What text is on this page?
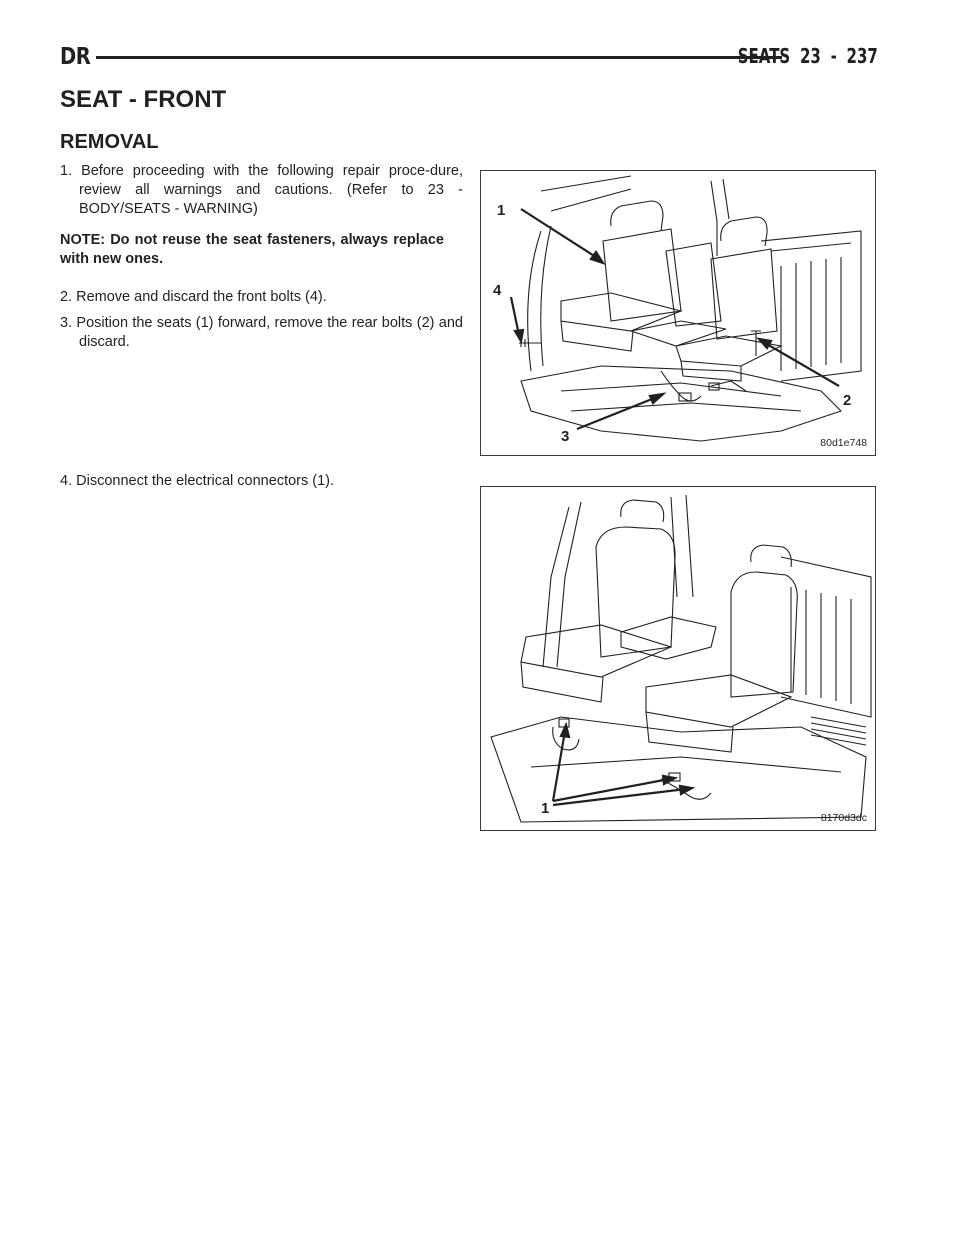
DR	SEATS 23 - 237
SEAT - FRONT
REMOVAL

1. Before proceeding with the following repair proce-dure, review all warnings and cautions. (Refer to 23 - BODY/SEATS - WARNING)

NOTE: Do not reuse the seat fasteners, always replace with new ones.

2. Remove and discard the front bolts (4).

3. Position the seats (1) forward, remove the rear bolts (2) and discard.

4. Disconnect the electrical connectors (1).

1
4
2
3	80d1e748
1
8170d3dc
